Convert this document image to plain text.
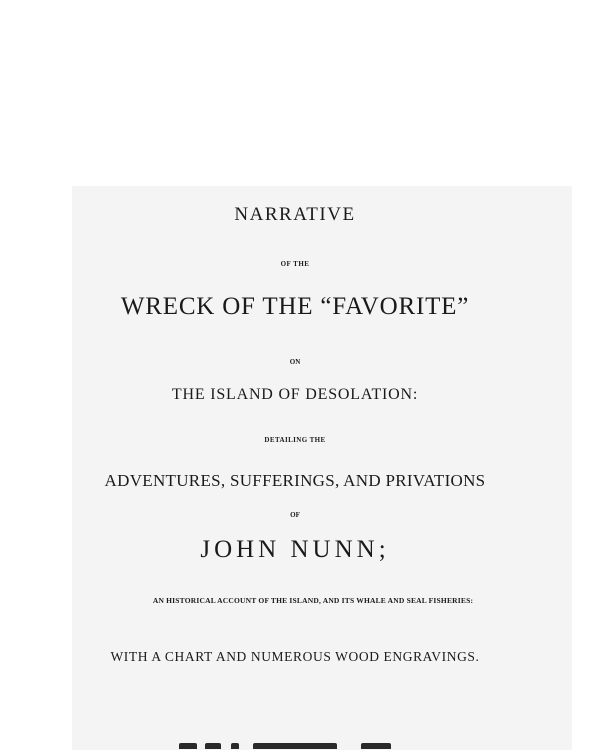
NARRATIVE
OF THE
WRECK OF THE “FAVORITE”
ON
THE ISLAND OF DESOLATION:
DETAILING THE
ADVENTURES, SUFFERINGS, AND PRIVATIONS
OF
JOHN NUNN;
AN HISTORICAL ACCOUNT OF THE ISLAND, AND ITS WHALE AND SEAL FISHERIES:
WITH A CHART AND NUMEROUS WOOD ENGRAVINGS.
